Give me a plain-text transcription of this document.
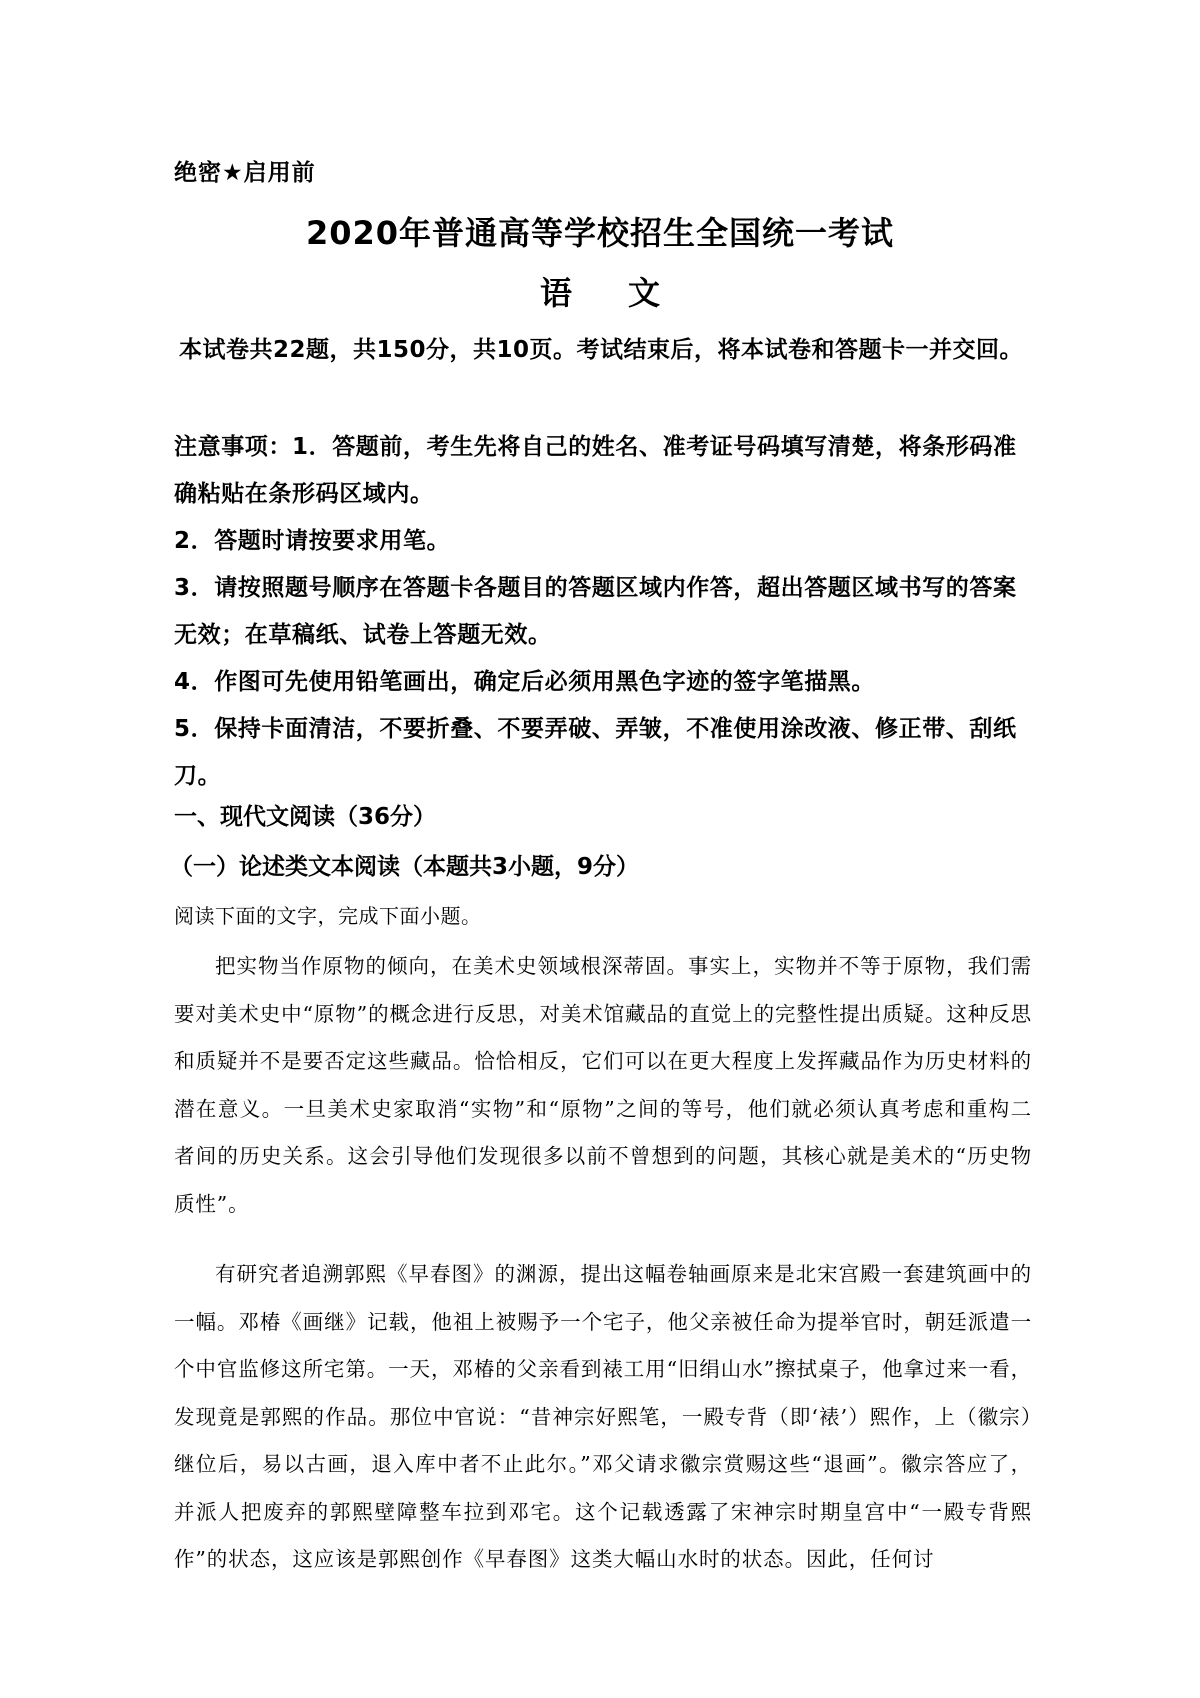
绝密★启用前
2020年普通高等学校招生全国统一考试
语 文
本试卷共22题，共150分，共10页。考试结束后，将本试卷和答题卡一并交回。

注意事项：1．答题前，考生先将自己的姓名、准考证号码填写清楚，将条形码准确粘贴在条形码区域内。

2．答题时请按要求用笔。

3．请按照题号顺序在答题卡各题目的答题区域内作答，超出答题区域书写的答案无效；在草稿纸、试卷上答题无效。

4．作图可先使用铅笔画出，确定后必须用黑色字迹的签字笔描黑。

5．保持卡面清洁，不要折叠、不要弄破、弄皱，不准使用涂改液、修正带、刮纸刀。

一、现代文阅读（36分）
（一）论述类文本阅读（本题共3小题，9分）
阅读下面的文字，完成下面小题。

把实物当作原物的倾向，在美术史领域根深蒂固。事实上，实物并不等于原物，我们需要对美术史中“原物”的概念进行反思，对美术馆藏品的直觉上的完整性提出质疑。这种反思和质疑并不是要否定这些藏品。恰恰相反，它们可以在更大程度上发挥藏品作为历史材料的潜在意义。一旦美术史家取消“实物”和“原物”之间的等号，他们就必须认真考虑和重构二者间的历史关系。这会引导他们发现很多以前不曾想到的问题，其核心就是美术的“历史物质性”。

有研究者追溯郭熙《早春图》的渊源，提出这幅卷轴画原来是北宋宫殿一套建筑画中的一幅。邓椿《画继》记载，他祖上被赐予一个宅子，他父亲被任命为提举官时，朝廷派遣一个中官监修这所宅第。一天，邓椿的父亲看到裱工用“旧绢山水”擦拭桌子，他拿过来一看，发现竟是郭熙的作品。那位中官说：“昔神宗好熙笔，一殿专背（即‘裱’）熙作，上（徽宗）继位后，易以古画，退入库中者不止此尔。”邓父请求徽宗赏赐这些“退画”。徽宗答应了，并派人把废弃的郭熙壁障整车拉到邓宅。这个记载透露了宋神宗时期皇宫中“一殿专背熙作”的状态，这应该是郭熙创作《早春图》这类大幅山水时的状态。因此，任何讨
